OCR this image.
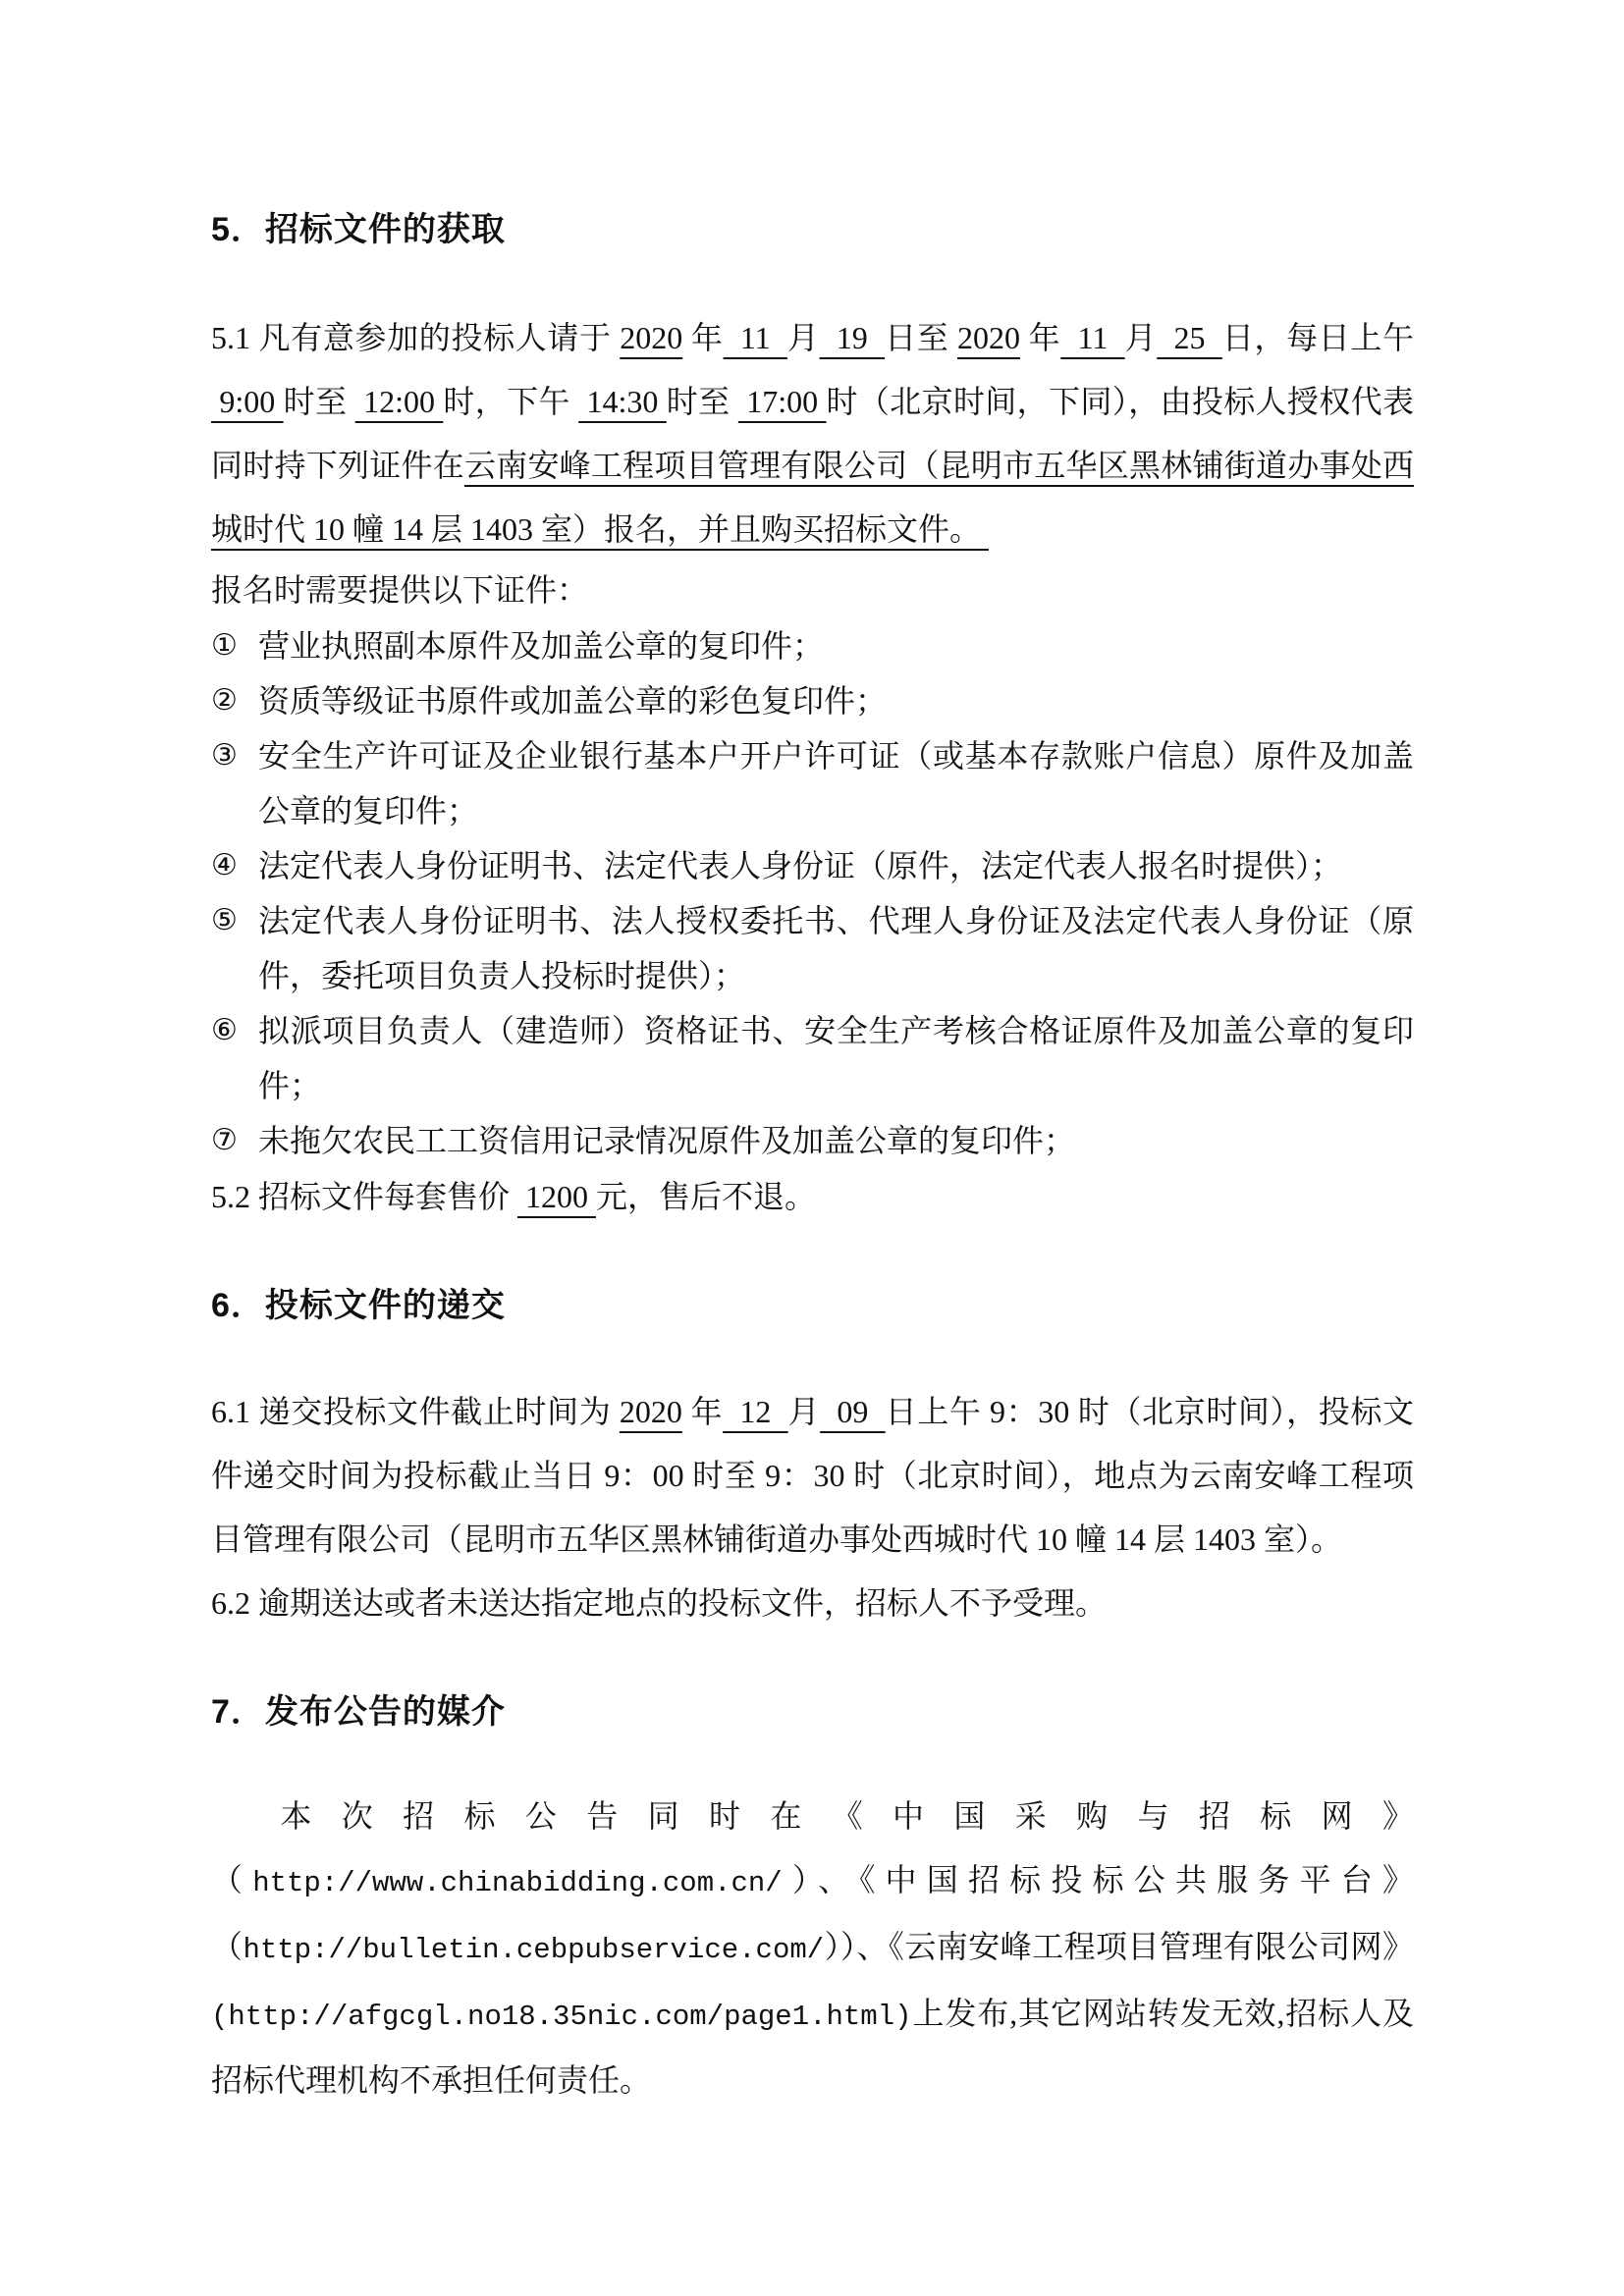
5．招标文件的获取

5.1 凡有意参加的投标人请于 2020 年  11  月  19  日至 2020 年  11  月  25  日，每日上午  9:00 时至  12:00 时，下午  14:30 时至  17:00 时（北京时间，下同），由投标人授权代表同时持下列证件在云南安峰工程项目管理有限公司（昆明市五华区黑林铺街道办事处西城时代 10 幢 14 层 1403 室）报名，并且购买招标文件。

报名时需要提供以下证件：

① 营业执照副本原件及加盖公章的复印件；
② 资质等级证书原件或加盖公章的彩色复印件；
③ 安全生产许可证及企业银行基本户开户许可证（或基本存款账户信息）原件及加盖公章的复印件；
④ 法定代表人身份证明书、法定代表人身份证（原件，法定代表人报名时提供）；
⑤ 法定代表人身份证明书、法人授权委托书、代理人身份证及法定代表人身份证（原件，委托项目负责人投标时提供）；
⑥ 拟派项目负责人（建造师）资格证书、安全生产考核合格证原件及加盖公章的复印件；
⑦ 未拖欠农民工工资信用记录情况原件及加盖公章的复印件；

5.2 招标文件每套售价  1200 元，售后不退。

6．投标文件的递交

6.1 递交投标文件截止时间为 2020 年  12  月  09  日上午 9：30 时（北京时间），投标文件递交时间为投标截止当日 9：00 时至 9：30 时（北京时间），地点为云南安峰工程项目管理有限公司（昆明市五华区黑林铺街道办事处西城时代 10 幢 14 层 1403 室）。

6.2 逾期送达或者未送达指定地点的投标文件，招标人不予受理。

7．发布公告的媒介

本次招标公告同时在《中国采购与招标网》（http://www.chinabidding.com.cn/）、《中国招标投标公共服务平台》（http://bulletin.cebpubservice.com/））、《云南安峰工程项目管理有限公司网》(http://afgcgl.no18.35nic.com/page1.html)上发布,其它网站转发无效,招标人及招标代理机构不承担任何责任。
